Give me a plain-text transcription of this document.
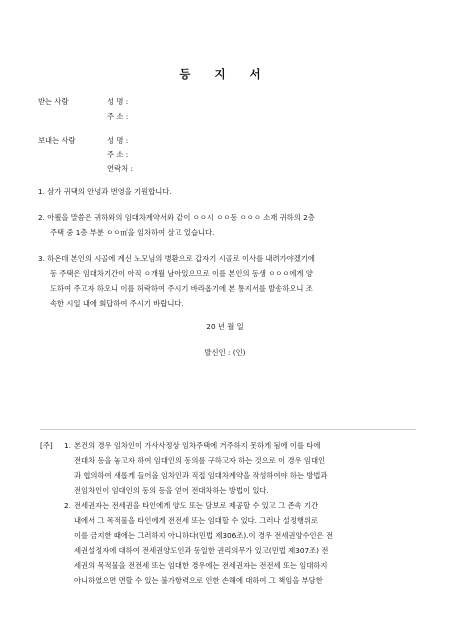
등 지 서
받는 사람	성 명 :
주 소 :
보내는 사람	성 명 :
주 소 :
연락처 :
1. 삼가 귀댁의 안녕과 번영을 기원합니다.
2. 아뢸을 말씀은 귀하와의 임대차계약서와 같이 ㅇㅇ시 ㅇㅇ동 ㅇㅇㅇ 소재 귀하의 2층
주택 중 1층 부분 ㅇㅇ㎡을 임차하여 살고 있습니다.
3. 하온데 본인의 시골에 계신 노모님의 병환으로 갑자기 시골로 이사를 내려가야겠기에
동 주택은 임대차기간이 아직 ㅇ개월 남아있으므로 이를 본인의 동생 ㅇㅇㅇ에게 양
도하여 주고자 하오니 이를 허락하여 주시기 바라옵기에 본 통지서를 발송하오니 조
속한 시일 내에 회답하여 주시기 바랍니다.
20 년 월 일
발신인 : (인)
[주] 1. 본건의 경우 임차인이 가사사정상 임차주택에 거주하지 못하게 됨에 이를 타에
전대차 등을 놓고자 하여 임대인의 동의를 구하고자 하는 것으로 이 경우 임대인
과 협의하여 새롭게 들어올 임차인과 직접 임대차계약을 작성하여야 하는 방법과
전임차인이 임대인의 동의 등을 얻어 전대차하는 방법이 있다.
2. 전세권자는 전세권을 타인에게 양도 또는 담보로 제공할 수 있고 그 존속 기간
내에서 그 목적물을 타인에게 전전세 또는 임대할 수 있다. 그러나 설정행위로
이를 금지한 때에는 그러하지 아니하다(민법 제306조).이 경우 전세권양수인은 전
세권설정자에 대하여 전세권양도인과 동일한 권리의무가 있고(민법 제307조) 전
세권의 목적물을 전전세 또는 임대한 경우에는 전세권자는 전전세 또는 임대하지
아니하였으면 면할 수 있는 불가항력으로 인한 손해에 대하여 그 책임을 부담한
